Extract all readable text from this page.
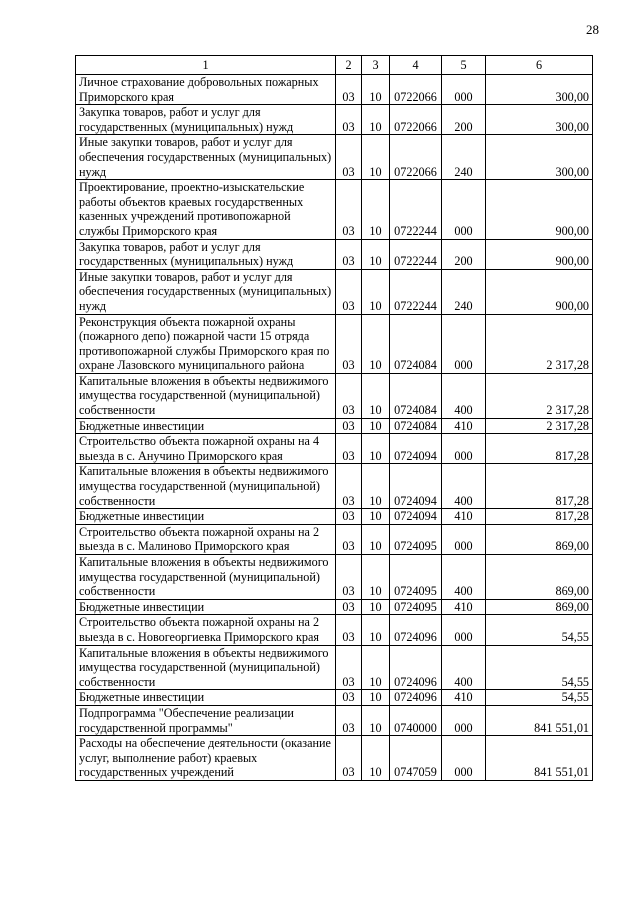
28
1	2	3	4	5	6
Личное страхование добровольных пожарных Приморского края	03	10	0722066	000	300,00
Закупка товаров, работ и услуг для государственных (муниципальных) нужд	03	10	0722066	200	300,00
Иные закупки товаров, работ и услуг для обеспечения государственных (муниципальных) нужд	03	10	0722066	240	300,00
Проектирование, проектно-изыскательские работы объектов краевых государственных казенных учреждений противопожарной службы Приморского края	03	10	0722244	000	900,00
Закупка товаров, работ и услуг для государственных (муниципальных) нужд	03	10	0722244	200	900,00
Иные закупки товаров, работ и услуг для обеспечения государственных (муниципальных) нужд	03	10	0722244	240	900,00
Реконструкция объекта пожарной охраны (пожарного депо) пожарной части 15 отряда противопожарной службы Приморского края по охране Лазовского муниципального района	03	10	0724084	000	2 317,28
Капитальные вложения в объекты недвижимого имущества государственной (муниципальной) собственности	03	10	0724084	400	2 317,28
Бюджетные инвестиции	03	10	0724084	410	2 317,28
Строительство объекта пожарной охраны на 4 выезда в с. Анучино Приморского края	03	10	0724094	000	817,28
Капитальные вложения в объекты недвижимого имущества государственной (муниципальной) собственности	03	10	0724094	400	817,28
Бюджетные инвестиции	03	10	0724094	410	817,28
Строительство объекта пожарной охраны на 2 выезда в с. Малиново Приморского края	03	10	0724095	000	869,00
Капитальные вложения в объекты недвижимого имущества государственной (муниципальной) собственности	03	10	0724095	400	869,00
Бюджетные инвестиции	03	10	0724095	410	869,00
Строительство объекта пожарной охраны на 2 выезда в с. Новогеоргиевка Приморского края	03	10	0724096	000	54,55
Капитальные вложения в объекты недвижимого имущества государственной (муниципальной) собственности	03	10	0724096	400	54,55
Бюджетные инвестиции	03	10	0724096	410	54,55
Подпрограмма "Обеспечение реализации государственной программы"	03	10	0740000	000	841 551,01
Расходы на обеспечение деятельности (оказание услуг, выполнение работ) краевых государственных учреждений	03	10	0747059	000	841 551,01
